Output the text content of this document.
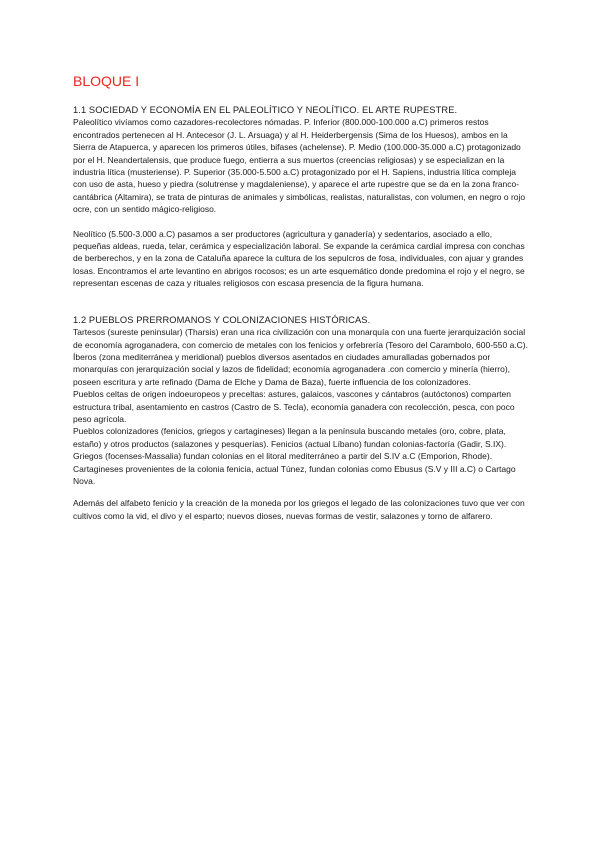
BLOQUE I

1.1 SOCIEDAD Y ECONOMÍA EN EL PALEOLÍTICO Y NEOLÍTICO. EL ARTE RUPESTRE.

Paleolítico vivíamos como cazadores-recolectores nómadas. P. Inferior (800.000-100.000 a.C) primeros restos encontrados pertenecen al H. Antecesor (J. L. Arsuaga) y al H. Heiderbergensis (Sima de los Huesos), ambos en la Sierra de Atapuerca, y aparecen los primeros útiles, bifases (achelense). P. Medio (100.000-35.000 a.C) protagonizado por el H. Neandertalensis, que produce fuego, entierra a sus muertos (creencias religiosas) y se especializan en la industria lítica (musteriense). P. Superior (35.000-5.500 a.C) protagonizado por el H. Sapiens, industria lítica compleja con uso de asta, hueso y piedra (solutrense y magdaleniense), y aparece el arte rupestre que se da en la zona franco-cantábrica (Altamira), se trata de pinturas de animales y simbólicas, realistas, naturalistas, con volumen, en negro o rojo ocre, con un sentido mágico-religioso.

Neolítico (5.500-3.000 a.C) pasamos a ser productores (agricultura y ganadería) y sedentarios, asociado a ello, pequeñas aldeas, rueda, telar, cerámica y especialización laboral. Se expande la cerámica cardial impresa con conchas de berberechos, y en la zona de Cataluña aparece la cultura de los sepulcros de fosa, individuales, con ajuar y grandes losas. Encontramos el arte levantino en abrigos rocosos; es un arte esquemático donde predomina el rojo y el negro, se representan escenas de caza y rituales religiosos con escasa presencia de la figura humana.

1.2 PUEBLOS PRERROMANOS Y COLONIZACIONES HISTÓRICAS.

Tartesos (sureste peninsular) (Tharsis) eran una rica civilización con una monarquía con una fuerte jerarquización social de economía agroganadera, con comercio de metales con los fenicios y orfebrería (Tesoro del Carambolo, 600-550 a.C).

Íberos (zona mediterránea y meridional) pueblos diversos asentados en ciudades amuralladas gobernados por monarquías con jerarquización social y lazos de fidelidad; economía agroganadera .con comercio y minería (hierro), poseen escritura y arte refinado (Dama de Elche y Dama de Baza), fuerte influencia de los colonizadores.

Pueblos celtas de origen indoeuropeos y preceltas: astures, galaicos, vascones y cántabros (autóctonos) comparten estructura tribal, asentamiento en castros (Castro de S. Tecla), economía ganadera con recolección, pesca, con poco peso agrícola.

Pueblos colonizadores (fenicios, griegos y cartagineses) llegan a la península buscando metales (oro, cobre, plata, estaño) y otros productos (salazones y pesquerías). Fenicios (actual Líbano) fundan colonias-factoría (Gadir, S.IX). Griegos (focenses-Massalia) fundan colonias en el litoral mediterráneo a partir del S.IV a.C (Emporion, Rhode). Cartagineses provenientes de la colonia fenicia, actual Túnez, fundan colonias como Ebusus (S.V y III a.C) o Cartago Nova.

Además del alfabeto fenicio y la creación de la moneda por los griegos el legado de las colonizaciones tuvo que ver con cultivos como la vid, el divo y el esparto; nuevos dioses, nuevas formas de vestir, salazones y torno de alfarero.
